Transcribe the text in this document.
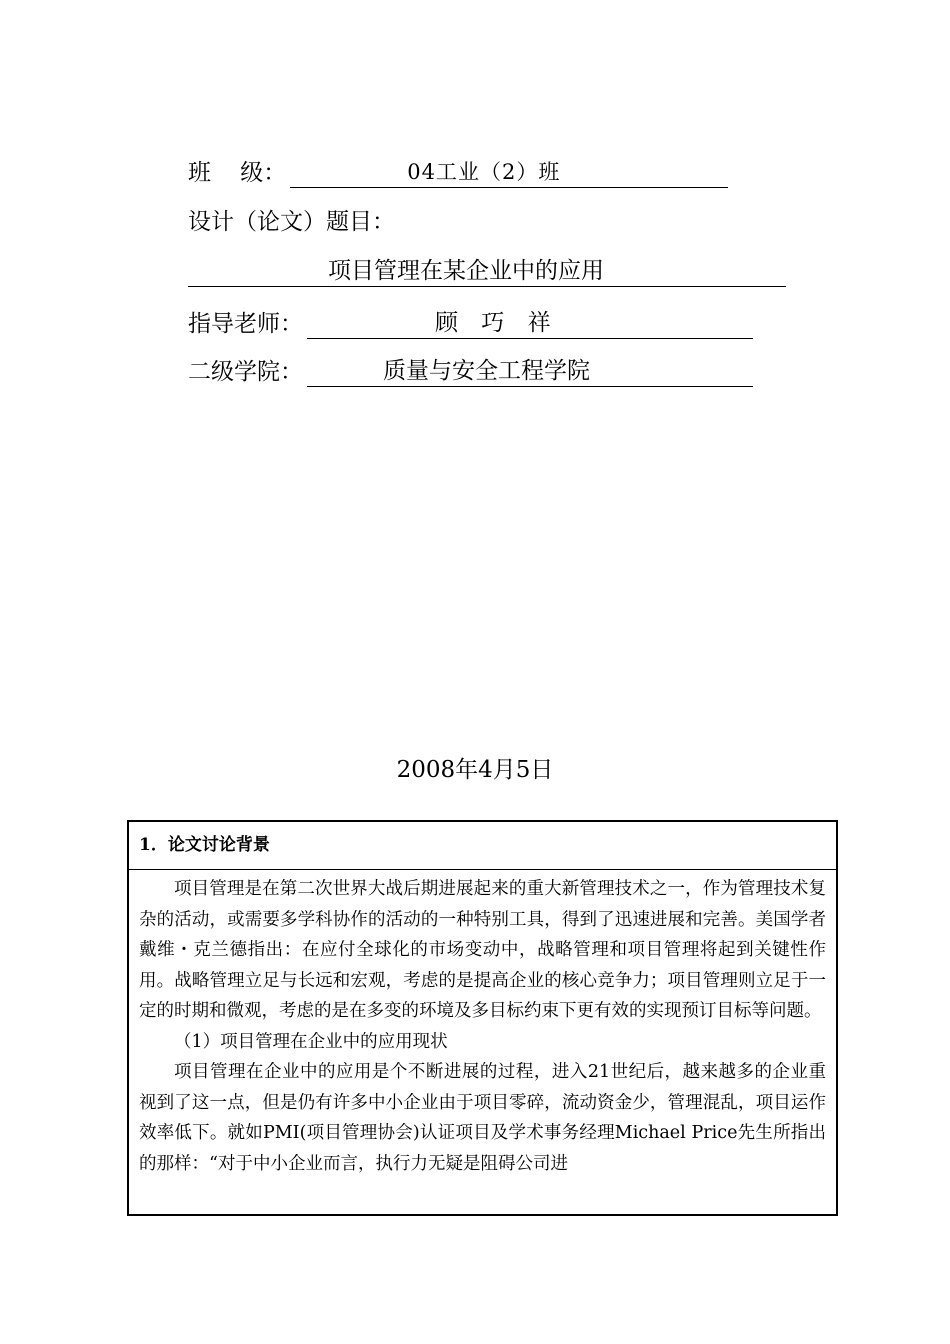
班    级：	04工业（2）班
设计（论文）题目：
项目管理在某企业中的应用
指导老师：	顾 巧 祥
二级学院：	质量与安全工程学院
2008年4月5日
1．论文讨论背景

项目管理是在第二次世界大战后期进展起来的重大新管理技术之一，作为管理技术复杂的活动，或需要多学科协作的活动的一种特别工具，得到了迅速进展和完善。美国学者戴维・克兰德指出：在应付全球化的市场变动中，战略管理和项目管理将起到关键性作用。战略管理立足与长远和宏观，考虑的是提高企业的核心竞争力；项目管理则立足于一定的时期和微观，考虑的是在多变的环境及多目标约束下更有效的实现预订目标等问题。

（1）项目管理在企业中的应用现状

项目管理在企业中的应用是个不断进展的过程，进入21世纪后，越来越多的企业重视到了这一点，但是仍有许多中小企业由于项目零碎，流动资金少，管理混乱，项目运作效率低下。就如PMI(项目管理协会)认证项目及学术事务经理Michael Price先生所指出的那样：“对于中小企业而言，执行力无疑是阻碍公司进
